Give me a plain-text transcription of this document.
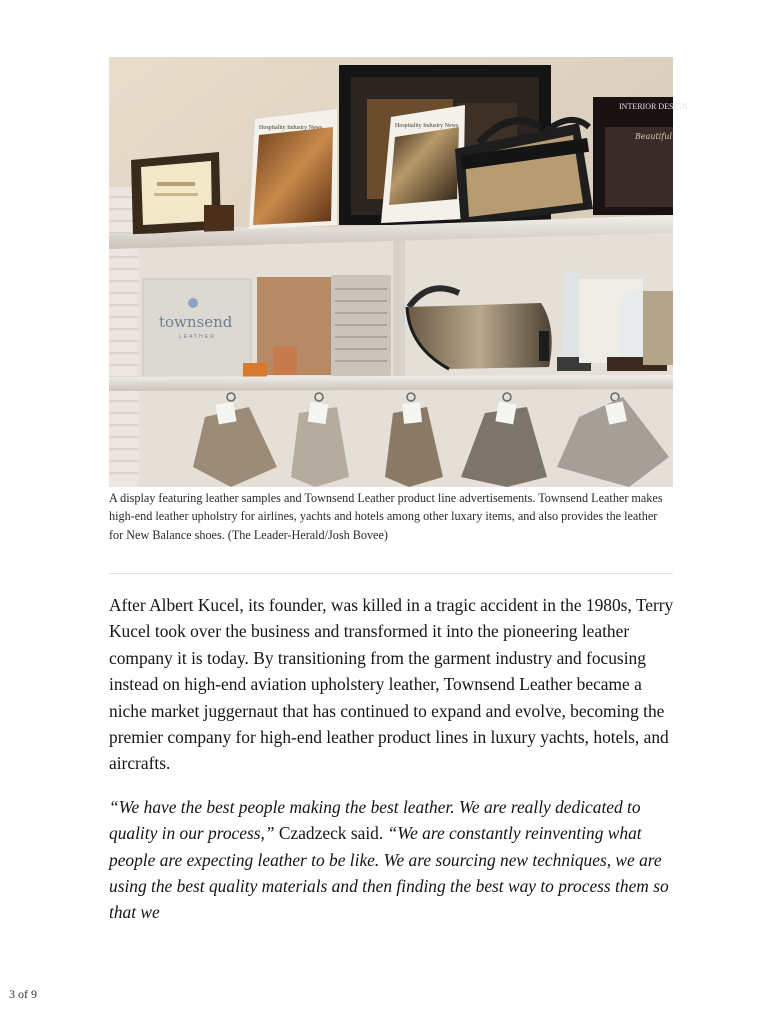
Hospitality Industry News	Hospitality Industry News
INTERIOR DESIGN
Beautiful
townsend
LEATHER
A display featuring leather samples and Townsend Leather product line advertisements. Townsend Leather makes high-end leather upholstry for airlines, yachts and hotels among other luxary items, and also provides the leather for New Balance shoes. (The Leader-Herald/Josh Bovee)

After Albert Kucel, its founder, was killed in a tragic accident in the 1980s, Terry Kucel took over the business and transformed it into the pioneering leather company it is today. By transitioning from the garment industry and focusing instead on high-end aviation upholstery leather, Townsend Leather became a niche market juggernaut that has continued to expand and evolve, becoming the premier company for high-end leather product lines in luxury yachts, hotels, and aircrafts.

“We have the best people making the best leather. We are really dedicated to quality in our process,” Czadzeck said. “We are constantly reinventing what people are expecting leather to be like. We are sourcing new techniques, we are using the best quality materials and then finding the best way to process them so that we

3 of 9
